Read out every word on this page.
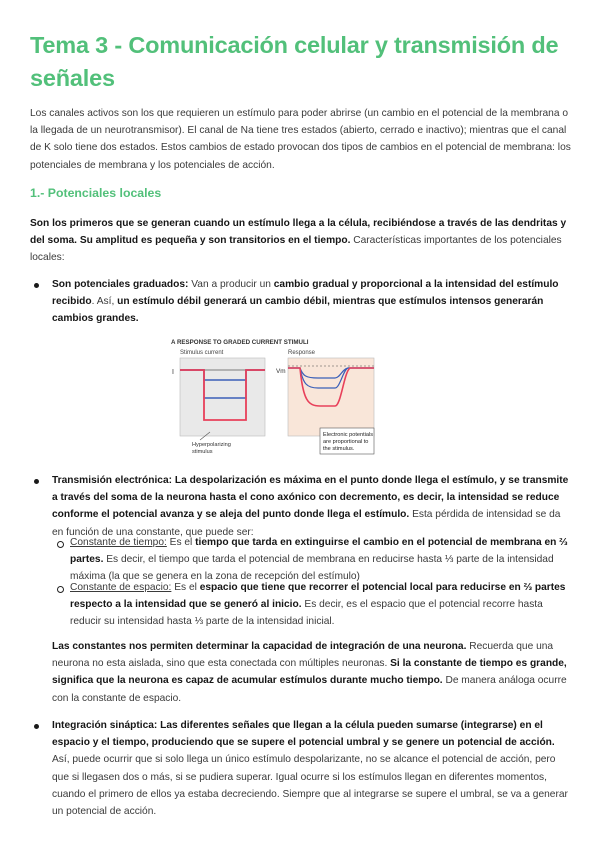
Tema 3 - Comunicación celular y transmisión de señales

Los canales activos son los que requieren un estímulo para poder abrirse (un cambio en el potencial de la membrana o la llegada de un neurotransmisor). El canal de Na tiene tres estados (abierto, cerrado e inactivo); mientras que el canal de K solo tiene dos estados. Estos cambios de estado provocan dos tipos de cambios en el potencial de membrana: los potenciales de membrana y los potenciales de acción.

1.- Potenciales locales

Son los primeros que se generan cuando un estímulo llega a la célula, recibiéndose a través de las dendritas y del soma. Su amplitud es pequeña y son transitorios en el tiempo. Características importantes de los potenciales locales:

Son potenciales graduados: Van a producir un cambio gradual y proporcional a la intensidad del estímulo recibido. Así, un estímulo débil generará un cambio débil, mientras que estímulos intensos generarán cambios grandes.

A RESPONSE TO GRADED CURRENT STIMULI
Stimulus current	Response
I
Hyperpolarizing
stimulus
Vm
Electronic potentials
are proportional to
the stimulus.

Transmisión electrónica: La despolarización es máxima en el punto donde llega el estímulo, y se transmite a través del soma de la neurona hasta el cono axónico con decremento, es decir, la intensidad se reduce conforme el potencial avanza y se aleja del punto donde llega el estímulo. Esta pérdida de intensidad se da en función de una constante, que puede ser:

Constante de tiempo: Es el tiempo que tarda en extinguirse el cambio en el potencial de membrana en ⅔ partes. Es decir, el tiempo que tarda el potencial de membrana en reducirse hasta ⅓ parte de la intensidad máxima (la que se genera en la zona de recepción del estímulo)

Constante de espacio: Es el espacio que tiene que recorrer el potencial local para reducirse en ⅔ partes respecto a la intensidad que se generó al inicio. Es decir, es el espacio que el potencial recorre hasta reducir su intensidad hasta ⅓ parte de la intensidad inicial.

Las constantes nos permiten determinar la capacidad de integración de una neurona. Recuerda que una neurona no esta aislada, sino que esta conectada con múltiples neuronas. Si la constante de tiempo es grande, significa que la neurona es capaz de acumular estímulos durante mucho tiempo. De manera análoga ocurre con la constante de espacio.

Integración sináptica: Las diferentes señales que llegan a la célula pueden sumarse (integrarse) en el espacio y el tiempo, produciendo que se supere el potencial umbral y se genere un potencial de acción. Así, puede ocurrir que si solo llega un único estímulo despolarizante, no se alcance el potencial de acción, pero que si llegasen dos o más, si se pudiera superar. Igual ocurre si los estímulos llegan en diferentes momentos, cuando el primero de ellos ya estaba decreciendo. Siempre que al integrarse se supere el umbral, se va a generar un potencial de acción.
